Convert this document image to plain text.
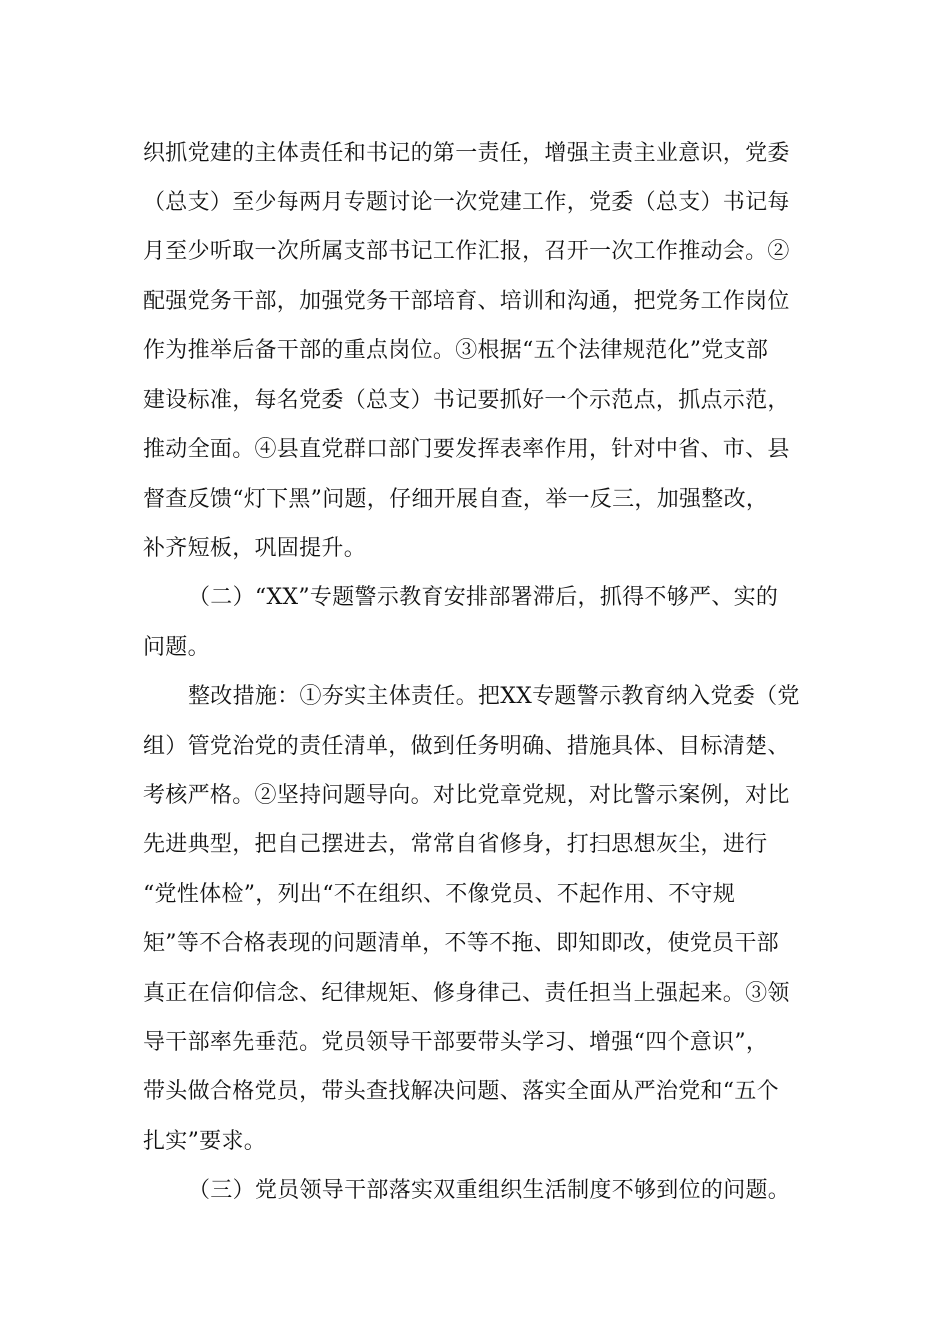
织抓党建的主体责任和书记的第一责任，增强主责主业意识，党委
（总支）至少每两月专题讨论一次党建工作，党委（总支）书记每
月至少听取一次所属支部书记工作汇报，召开一次工作推动会。②
配强党务干部，加强党务干部培育、培训和沟通，把党务工作岗位
作为推举后备干部的重点岗位。③根据“五个法律规范化”党支部
建设标准，每名党委（总支）书记要抓好一个示范点，抓点示范，
推动全面。④县直党群口部门要发挥表率作用，针对中省、市、县
督查反馈“灯下黑”问题，仔细开展自查，举一反三，加强整改，
补齐短板，巩固提升。
（二）“XX”专题警示教育安排部署滞后，抓得不够严、实的
问题。
整改措施：①夯实主体责任。把XX专题警示教育纳入党委（党
组）管党治党的责任清单，做到任务明确、措施具体、目标清楚、
考核严格。②坚持问题导向。对比党章党规，对比警示案例，对比
先进典型，把自己摆进去，常常自省修身，打扫思想灰尘，进行
“党性体检”，列出“不在组织、不像党员、不起作用、不守规
矩”等不合格表现的问题清单，不等不拖、即知即改，使党员干部
真正在信仰信念、纪律规矩、修身律己、责任担当上强起来。③领
导干部率先垂范。党员领导干部要带头学习、增强“四个意识”，
带头做合格党员，带头查找解决问题、落实全面从严治党和“五个
扎实”要求。
（三）党员领导干部落实双重组织生活制度不够到位的问题。
